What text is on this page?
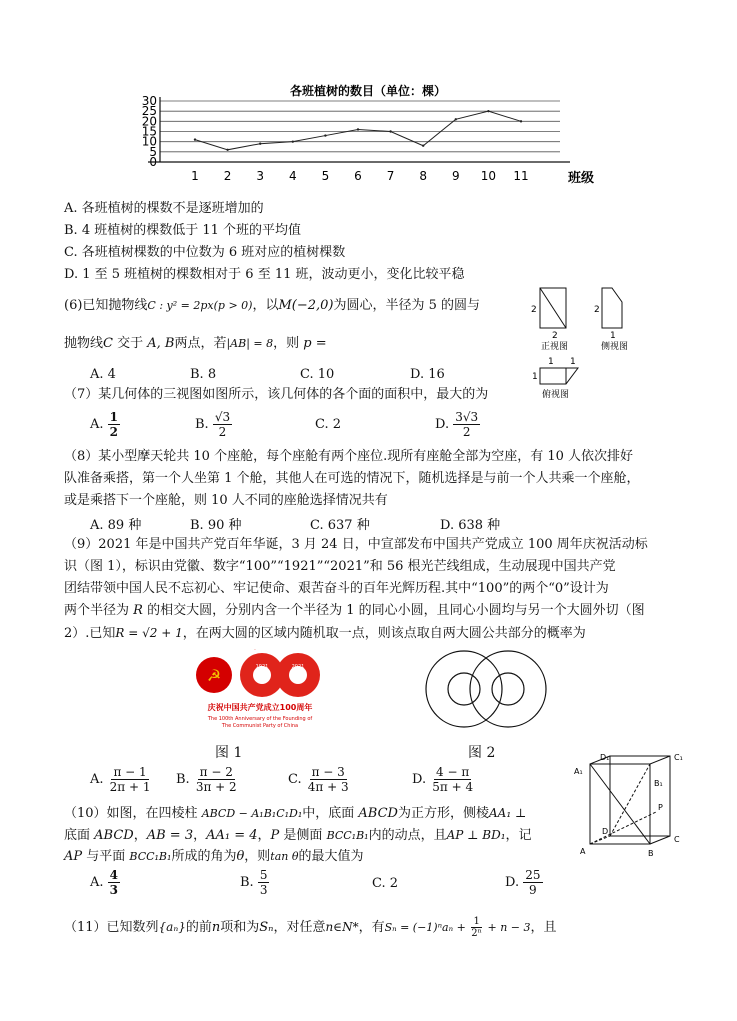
各班植树的数目（单位：棵）
30
25
20
15
10
5
0
1 2 3 4 5 6 7 8 9 10 11	班级
A. 各班植树的棵数不是逐班增加的
B. 4 班植树的棵数低于 11 个班的平均值
C. 各班植树棵数的中位数为 6 班对应的植树棵数
D. 1 至 5 班植树的棵数相对于 6 至 11 班，波动更小，变化比较平稳
(6)已知抛物线C : y² = 2px(p > 0)，以M(−2,0)为圆心，半径为 5 的圆与
抛物线C 交于 A, B两点，若|AB| = 8，则 p =
A. 4	B. 8	C. 10	D. 16
2
2
正视图
2
1
侧视图
1
1 1
俯视图
（7）某几何体的三视图如图所示，该几何体的各个面的面积中，最大的为
A. $\frac{1}{2}$	B. $\frac{√3}{2}$	C. 2	D. $\frac{3√3}{2}$
（8）某小型摩天轮共 10 个座舱，每个座舱有两个座位.现所有座舱全部为空座，有 10 人依次排好
队准备乘搭，第一个人坐第 1 个舱，其他人在可选的情况下，随机选择是与前一个人共乘一个座舱，
或是乘搭下一个座舱，则 10 人不同的座舱选择情况共有
A. 89 种	B. 90 种	C. 637 种	D. 638 种
（9）2021 年是中国共产党百年华诞，3 月 24 日，中宣部发布中国共产党成立 100 周年庆祝活动标
识（图 1），标识由党徽、数字“100”“1921”“2021”和 56 根光芒线组成，生动展现中国共产党
团结带领中国人民不忘初心、牢记使命、艰苦奋斗的百年光辉历程.其中“100”的两个“0”设计为
两个半径为 R 的相交大圆，分别内含一个半径为 1 的同心小圆，且同心小圆均与另一个大圆外切（图
2）.已知R = √2 + 1，在两大圆的区域内随机取一点，则该点取自两大圆公共部分的概率为
☭
100
1921	2021
庆祝中国共产党成立100周年
The 100th Anniversary of the Founding of
The Communist Party of China
图 1	图 2
A. $\frac{\pi - 1}{2\pi + 1} B$. $\frac{\pi - 2}{3\pi + 2}$	C. $\frac{\pi - 3}{4\pi + 3}$	D. $\frac{4 - \pi}{5\pi + 4}$
（10）如图，在四棱柱 ABCD − A₁B₁C₁D₁中，底面 ABCD为正方形，侧棱AA₁ ⊥
底面 ABCD，AB = 3，AA₁ = 4，P 是侧面 BCC₁B₁内的动点，且AP ⊥ BD₁，记
AP 与平面 BCC₁B₁所成的角为θ，则tan θ的最大值为
A. $\frac{4}{3}$	B. $\frac{5}{3}$	C. 2	D. $\frac{25}{9}$
A₁
D₁	C₁
B₁
D
C
A	B
P
（11）已知数列{aₙ}的前n项和为Sₙ，对任意n∈N*，有$S_n = (-1)^na_n + \frac{1}{\text{2ⁿ}} + n - 3$，且
